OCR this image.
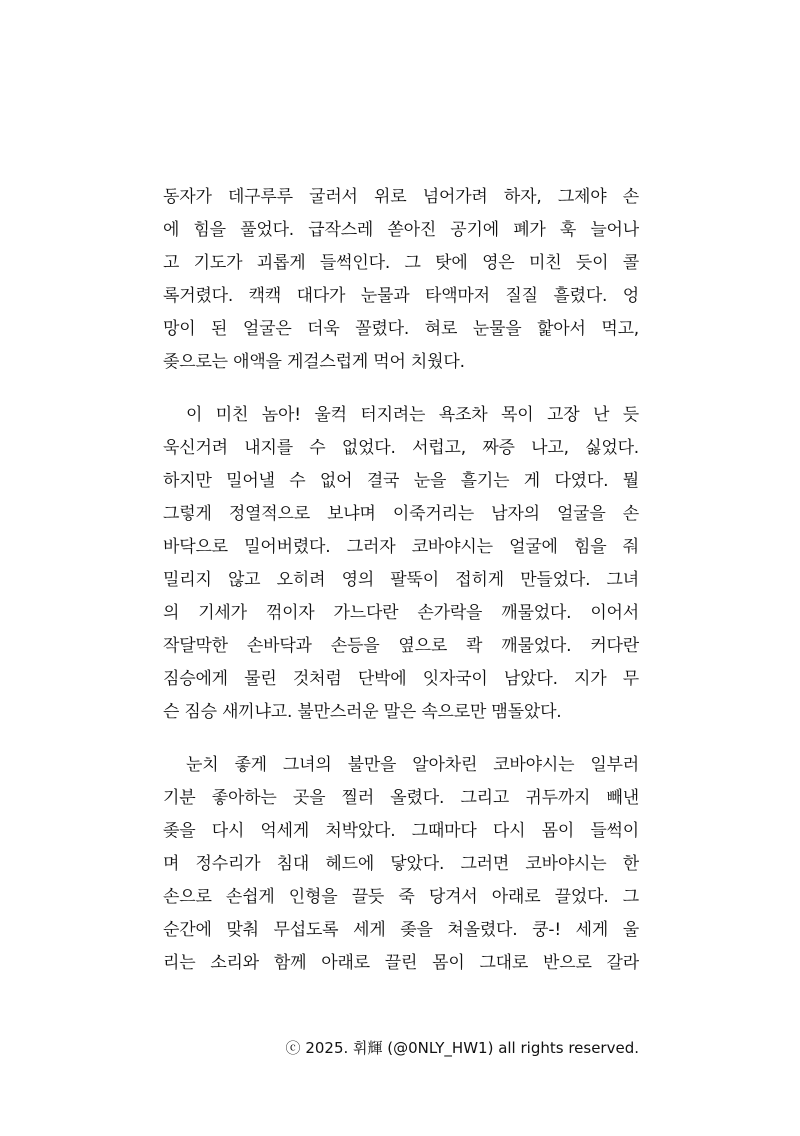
동자가 데구루루 굴러서 위로 넘어가려 하자, 그제야 손
에 힘을 풀었다. 급작스레 쏟아진 공기에 폐가 훅 늘어나
고 기도가 괴롭게 들썩인다. 그 탓에 영은 미친 듯이 콜
록거렸다. 캑캑 대다가 눈물과 타액마저 질질 흘렸다. 엉
망이 된 얼굴은 더욱 꼴렸다. 혀로 눈물을 핥아서 먹고,
좆으로는 애액을 게걸스럽게 먹어 치웠다.
이 미친 놈아! 울컥 터지려는 욕조차 목이 고장 난 듯
욱신거려 내지를 수 없었다. 서럽고, 짜증 나고, 싫었다.
하지만 밀어낼 수 없어 결국 눈을 흘기는 게 다였다. 뭘
그렇게 정열적으로 보냐며 이죽거리는 남자의 얼굴을 손
바닥으로 밀어버렸다. 그러자 코바야시는 얼굴에 힘을 줘
밀리지 않고 오히려 영의 팔뚝이 접히게 만들었다. 그녀
의 기세가 꺾이자 가느다란 손가락을 깨물었다. 이어서
작달막한 손바닥과 손등을 옆으로 콱 깨물었다. 커다란
짐승에게 물린 것처럼 단박에 잇자국이 남았다. 지가 무
슨 짐승 새끼냐고. 불만스러운 말은 속으로만 맴돌았다.
눈치 좋게 그녀의 불만을 알아차린 코바야시는 일부러
기분 좋아하는 곳을 찔러 올렸다. 그리고 귀두까지 빼낸
좆을 다시 억세게 처박았다. 그때마다 다시 몸이 들썩이
며 정수리가 침대 헤드에 닿았다. 그러면 코바야시는 한
손으로 손쉽게 인형을 끌듯 죽 당겨서 아래로 끌었다. 그
순간에 맞춰 무섭도록 세게 좆을 쳐올렸다. 쿵-! 세게 울
리는 소리와 함께 아래로 끌린 몸이 그대로 반으로 갈라
ⓒ 2025. 휘輝 (@0NLY_HW1) all rights reserved.
